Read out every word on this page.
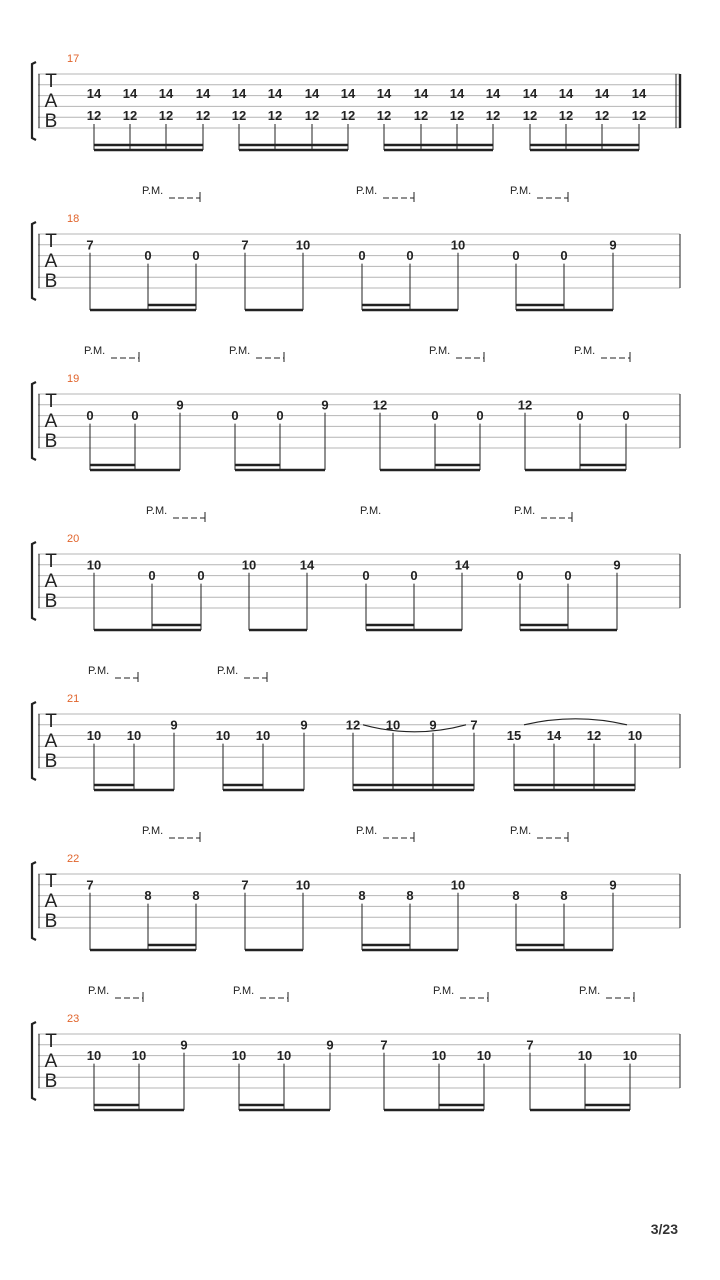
T
A
B
17
14
12
14
12
14
12
14
12
14
12
14
12
14
12
14
12
14
12
14
12
14
12
14
12
14
12
14
12
14
12
14
12
T
A
B
18
7
0	0
7	10
0	0
10
0	0
9
P.M.	P.M.	P.M.
T
A
B
19
0	0
9
0	0
9	12
0	0
12
0	0
P.M.	P.M.	P.M.	P.M.
T
A
B
20
10
0	0
10	14
0	0
14
0	0
9
P.M.	P.M.	P.M.
T
A
B
21
10 10
9
10 10
9	12 10 9	7
15 14 12 10
P.M.	P.M.
T
A
B
22
7
8	8
7	10
8	8
10
8	8
9
P.M.	P.M.	P.M.
T
A
B
23
10 10
9
10 10
9	7
10 10
7
10 10
P.M.	P.M.	P.M.	P.M.
3/23
